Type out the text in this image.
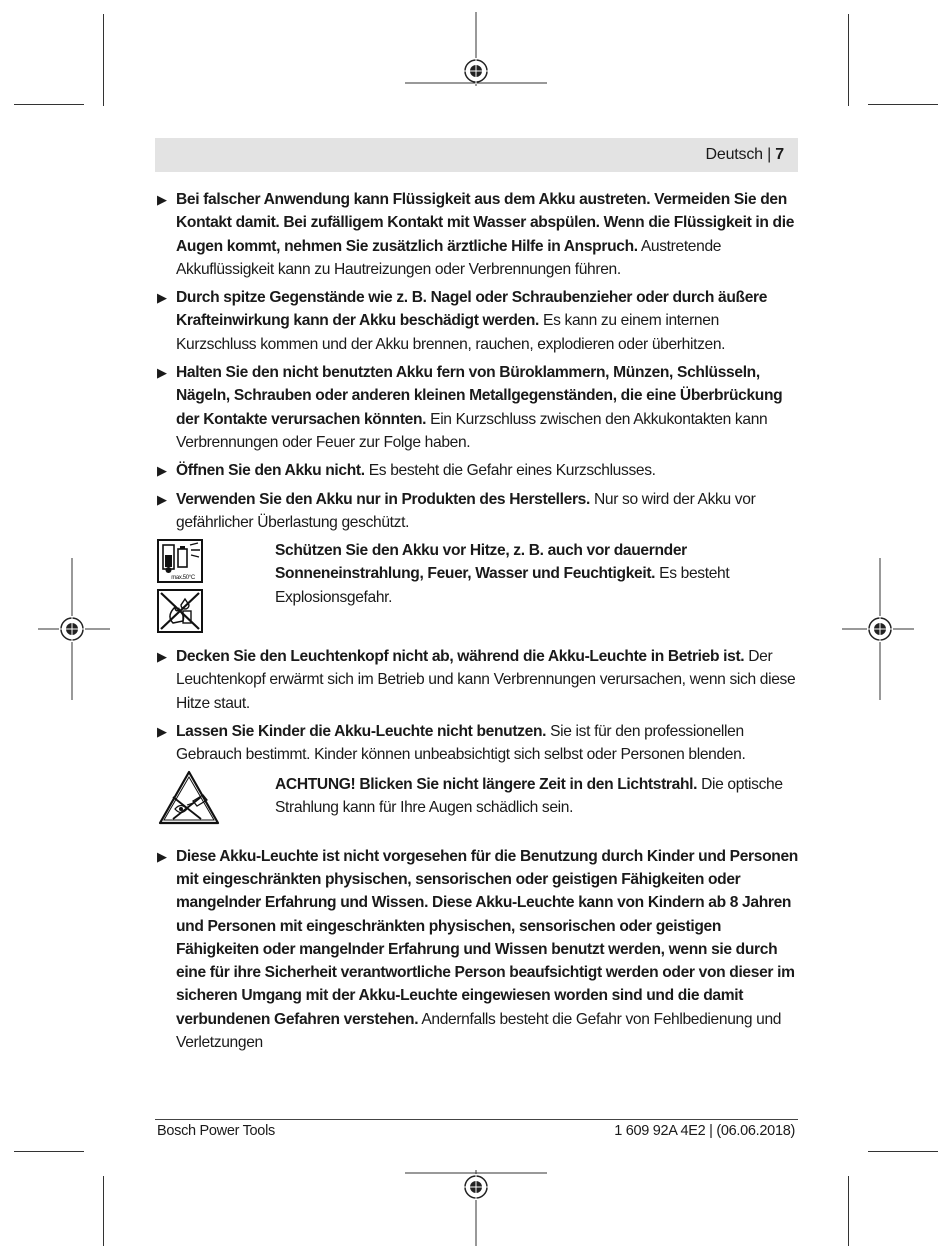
Deutsch | 7
▶ Bei falscher Anwendung kann Flüssigkeit aus dem Akku austreten. Vermeiden Sie den Kontakt damit. Bei zufälligem Kontakt mit Wasser abspülen. Wenn die Flüssigkeit in die Augen kommt, nehmen Sie zusätzlich ärztliche Hilfe in Anspruch. Austretende Akkuflüssigkeit kann zu Hautreizungen oder Verbrennungen führen.
▶ Durch spitze Gegenstände wie z. B. Nagel oder Schraubenzieher oder durch äußere Krafteinwirkung kann der Akku beschädigt werden. Es kann zu einem internen Kurzschluss kommen und der Akku brennen, rauchen, explodieren oder überhitzen.
▶ Halten Sie den nicht benutzten Akku fern von Büroklammern, Münzen, Schlüsseln, Nägeln, Schrauben oder anderen kleinen Metallgegenständen, die eine Überbrückung der Kontakte verursachen könnten. Ein Kurzschluss zwischen den Akkukontakten kann Verbrennungen oder Feuer zur Folge haben.
▶ Öffnen Sie den Akku nicht. Es besteht die Gefahr eines Kurzschlusses.
▶ Verwenden Sie den Akku nur in Produkten des Herstellers. Nur so wird der Akku vor gefährlicher Überlastung geschützt.
max.50°C
Schützen Sie den Akku vor Hitze, z. B. auch vor dauernder Sonneneinstrahlung, Feuer, Wasser und Feuchtigkeit. Es besteht Explosionsgefahr.
▶ Decken Sie den Leuchtenkopf nicht ab, während die Akku-Leuchte in Betrieb ist. Der Leuchtenkopf erwärmt sich im Betrieb und kann Verbrennungen verursachen, wenn sich diese Hitze staut.
▶ Lassen Sie Kinder die Akku-Leuchte nicht benutzen. Sie ist für den professionellen Gebrauch bestimmt. Kinder können unbeabsichtigt sich selbst oder Personen blenden.
ACHTUNG! Blicken Sie nicht längere Zeit in den Lichtstrahl. Die optische Strahlung kann für Ihre Augen schädlich sein.
▶ Diese Akku-Leuchte ist nicht vorgesehen für die Benutzung durch Kinder und Personen mit eingeschränkten physischen, sensorischen oder geistigen Fähigkeiten oder mangelnder Erfahrung und Wissen. Diese Akku-Leuchte kann von Kindern ab 8 Jahren und Personen mit eingeschränkten physischen, sensorischen oder geistigen Fähigkeiten oder mangelnder Erfahrung und Wissen benutzt werden, wenn sie durch eine für ihre Sicherheit verantwortliche Person beaufsichtigt werden oder von dieser im sicheren Umgang mit der Akku-Leuchte eingewiesen worden sind und die damit verbundenen Gefahren verstehen. Andernfalls besteht die Gefahr von Fehlbedienung und Verletzungen
Bosch Power Tools	1 609 92A 4E2 | (06.06.2018)
